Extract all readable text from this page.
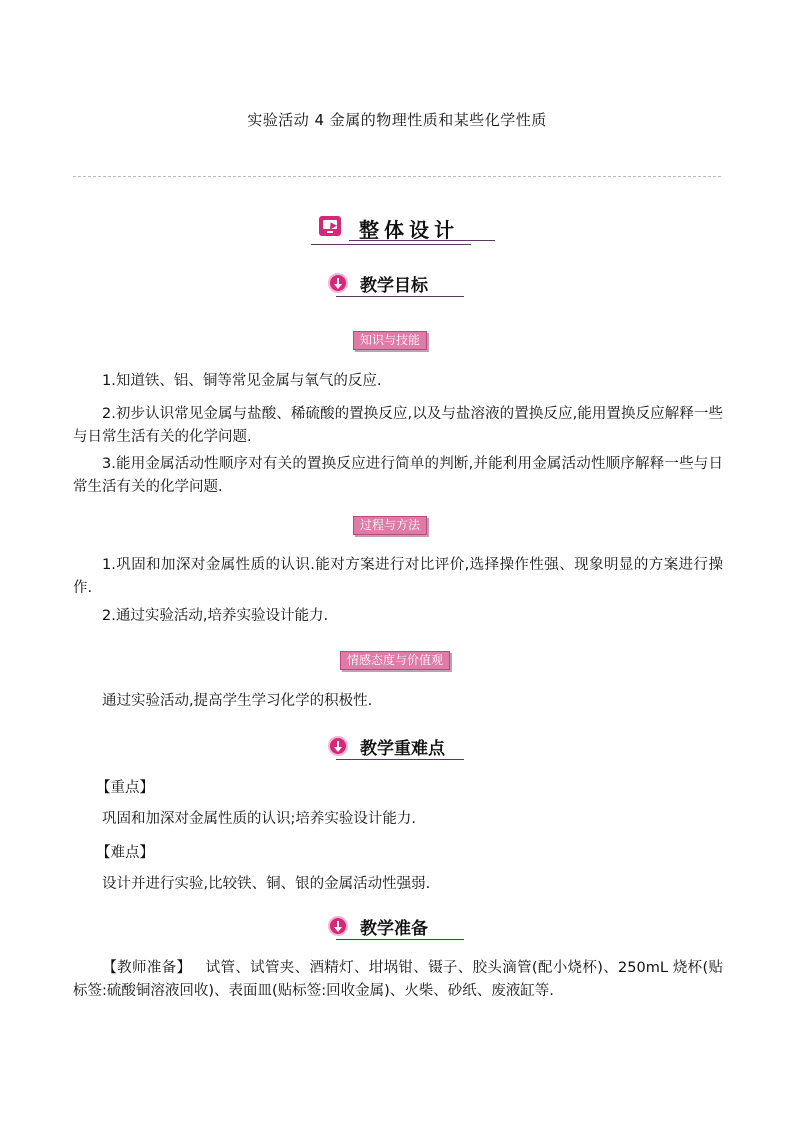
实验活动 4 金属的物理性质和某些化学性质
整体设计
教学目标
知识与技能
1.知道铁、铝、铜等常见金属与氧气的反应.
2.初步认识常见金属与盐酸、稀硫酸的置换反应,以及与盐溶液的置换反应,能用置换反应解释一些与日常生活有关的化学问题.
3.能用金属活动性顺序对有关的置换反应进行简单的判断,并能利用金属活动性顺序解释一些与日常生活有关的化学问题.
过程与方法
1.巩固和加深对金属性质的认识.能对方案进行对比评价,选择操作性强、现象明显的方案进行操作.
2.通过实验活动,培养实验设计能力.
情感态度与价值观
通过实验活动,提高学生学习化学的积极性.
教学重难点
【重点】
巩固和加深对金属性质的认识;培养实验设计能力.
【难点】
设计并进行实验,比较铁、铜、银的金属活动性强弱.
教学准备
【教师准备】 试管、试管夹、酒精灯、坩埚钳、镊子、胶头滴管(配小烧杯)、250mL 烧杯(贴标签:硫酸铜溶液回收)、表面皿(贴标签:回收金属)、火柴、砂纸、废液缸等.
